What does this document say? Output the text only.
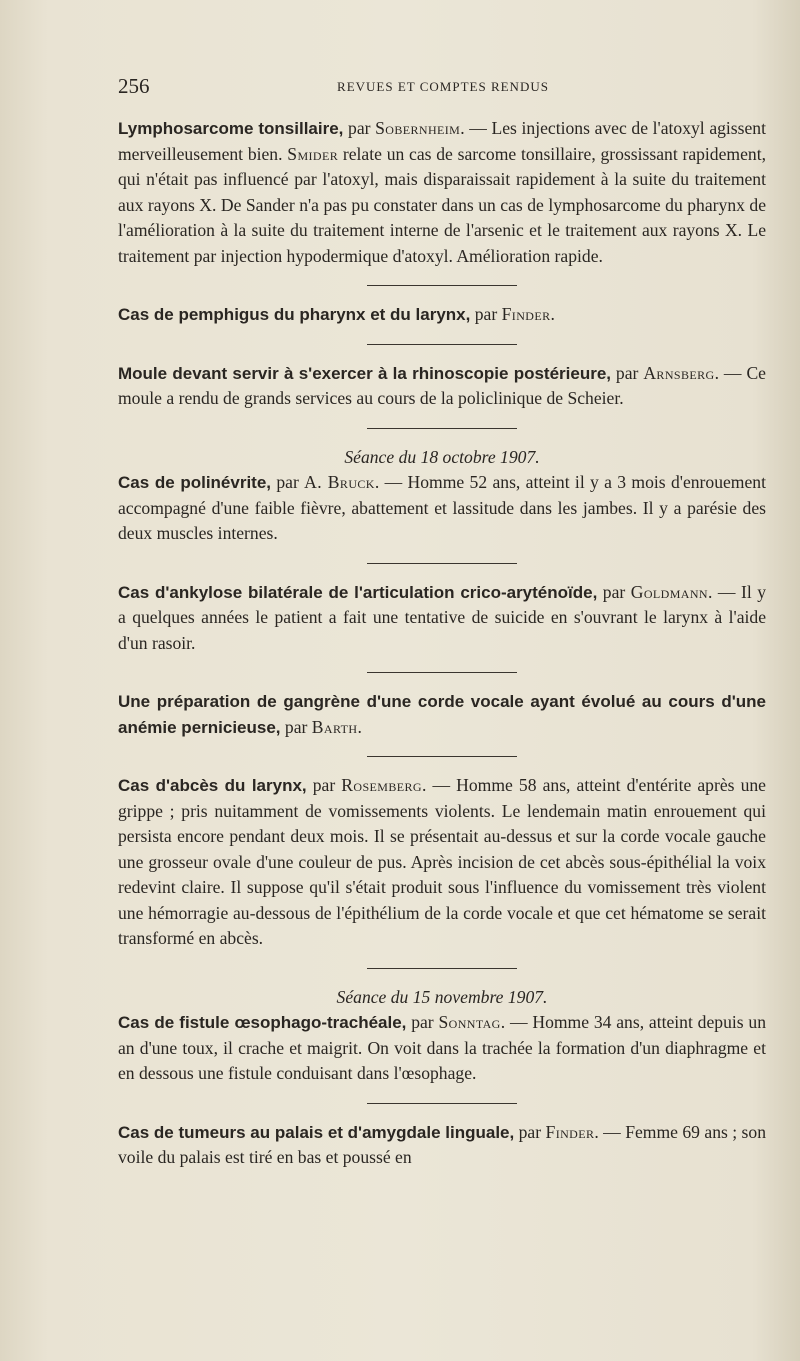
256	REVUES ET COMPTES RENDUS

Lymphosarcome tonsillaire, par Sobernheim. — Les injections avec de l'atoxyl agissent merveilleusement bien. Smider relate un cas de sarcome tonsillaire, grossissant rapidement, qui n'était pas influencé par l'atoxyl, mais disparaissait rapidement à la suite du traitement aux rayons X. De Sander n'a pas pu constater dans un cas de lymphosarcome du pharynx de l'amélioration à la suite du traitement interne de l'arsenic et le traitement aux rayons X. Le traitement par injection hypodermique d'atoxyl. Amélioration rapide.

Cas de pemphigus du pharynx et du larynx, par Finder.

Moule devant servir à s'exercer à la rhinoscopie postérieure, par Arnsberg. — Ce moule a rendu de grands services au cours de la policlinique de Scheier.

Séance du 18 octobre 1907.

Cas de polinévrite, par A. Bruck. — Homme 52 ans, atteint il y a 3 mois d'enrouement accompagné d'une faible fièvre, abattement et lassitude dans les jambes. Il y a parésie des deux muscles internes.

Cas d'ankylose bilatérale de l'articulation crico-aryténoïde, par Goldmann. — Il y a quelques années le patient a fait une tentative de suicide en s'ouvrant le larynx à l'aide d'un rasoir.

Une préparation de gangrène d'une corde vocale ayant évolué au cours d'une anémie pernicieuse, par Barth.

Cas d'abcès du larynx, par Rosemberg. — Homme 58 ans, atteint d'entérite après une grippe ; pris nuitamment de vomissements violents. Le lendemain matin enrouement qui persista encore pendant deux mois. Il se présentait au-dessus et sur la corde vocale gauche une grosseur ovale d'une couleur de pus. Après incision de cet abcès sous-épithélial la voix redevint claire. Il suppose qu'il s'était produit sous l'influence du vomissement très violent une hémorragie au-dessous de l'épithélium de la corde vocale et que cet hématome se serait transformé en abcès.

Séance du 15 novembre 1907.

Cas de fistule œsophago-trachéale, par Sonntag. — Homme 34 ans, atteint depuis un an d'une toux, il crache et maigrit. On voit dans la trachée la formation d'un diaphragme et en dessous une fistule conduisant dans l'œsophage.

Cas de tumeurs au palais et d'amygdale linguale, par Finder. — Femme 69 ans ; son voile du palais est tiré en bas et poussé en
